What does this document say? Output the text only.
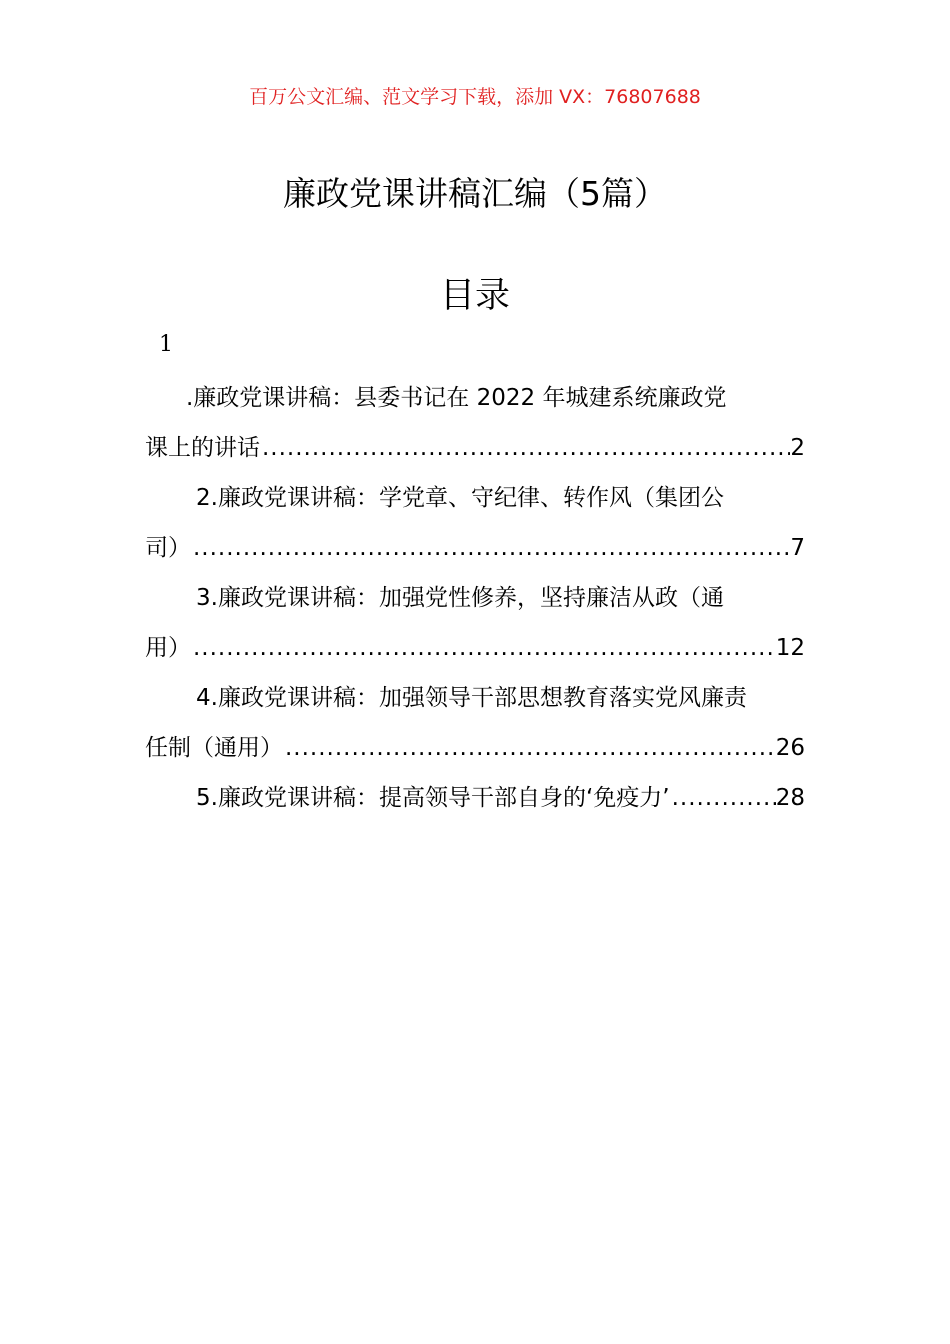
百万公文汇编、范文学习下载，添加 VX：76807688
廉政党课讲稿汇编（5篇）
目录
1
.廉政党课讲稿：县委书记在 2022 年城建系统廉政党
课上的讲话 .....	2
2.廉政党课讲稿：学党章、守纪律、转作风（集团公
司） .....	7
3.廉政党课讲稿：加强党性修养，坚持廉洁从政（通
用） .....	12
4.廉政党课讲稿：加强领导干部思想教育落实党风廉责
任制（通用） .....	26
5.廉政党课讲稿：提高领导干部自身的‘免疫力’ .....	28
